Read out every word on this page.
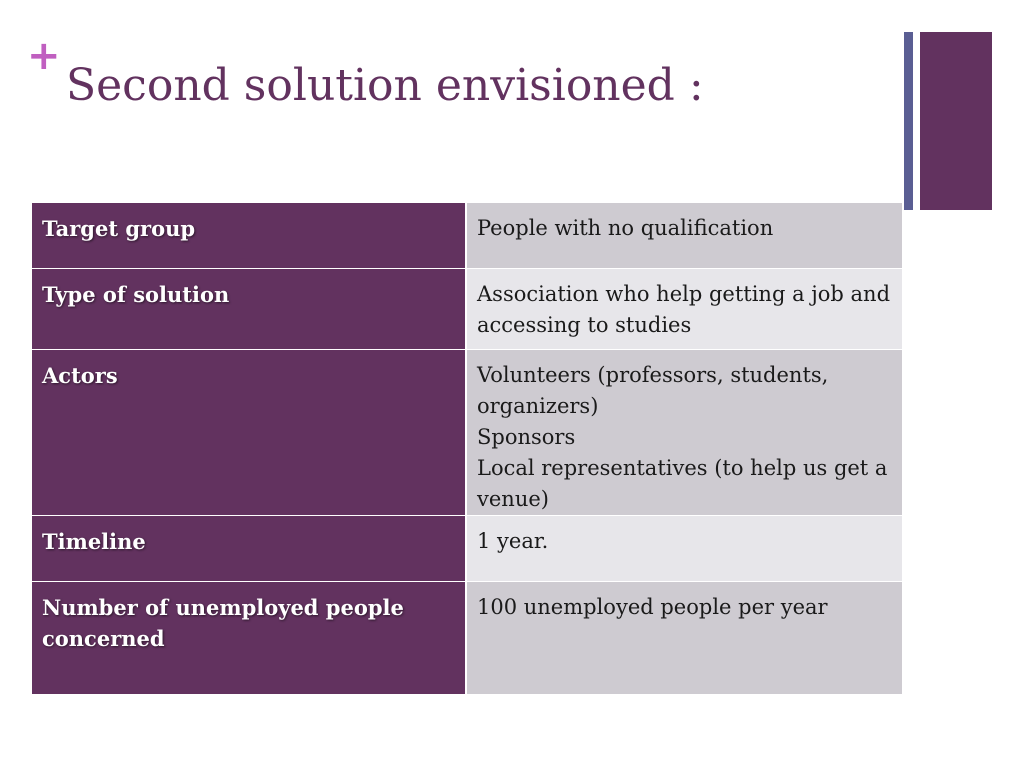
+
Second solution envisioned :
Target group	People with no qualification

Type of solution	Association who help getting a job and accessing to studies

Actors	Volunteers (professors, students, organizers)
Sponsors
Local representatives (to help us get a venue)

Timeline	1 year.

Number of unemployed people concerned	100 unemployed people per year
